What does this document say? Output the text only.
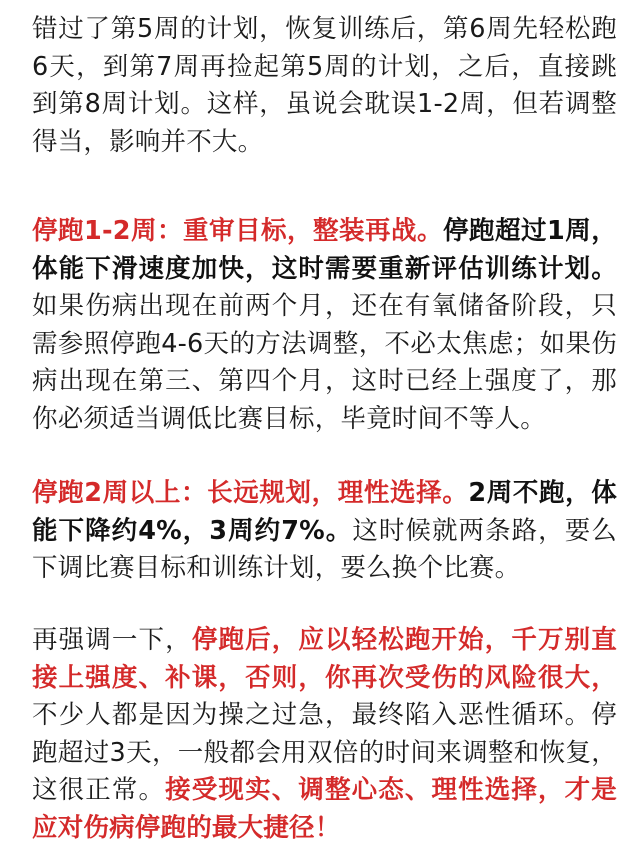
错过了第5周的计划，恢复训练后，第6周先轻松跑6天，到第7周再捡起第5周的计划，之后，直接跳到第8周计划。这样，虽说会耽误1-2周，但若调整得当，影响并不大。

停跑1-2周：重审目标，整装再战。停跑超过1周，体能下滑速度加快，这时需要重新评估训练计划。如果伤病出现在前两个月，还在有氧储备阶段，只需参照停跑4-6天的方法调整，不必太焦虑；如果伤病出现在第三、第四个月，这时已经上强度了，那你必须适当调低比赛目标，毕竟时间不等人。

停跑2周以上：长远规划，理性选择。2周不跑，体能下降约4%，3周约7%。这时候就两条路，要么下调比赛目标和训练计划，要么换个比赛。

再强调一下，停跑后，应以轻松跑开始，千万别直接上强度、补课，否则，你再次受伤的风险很大，不少人都是因为操之过急，最终陷入恶性循环。停跑超过3天，一般都会用双倍的时间来调整和恢复，这很正常。接受现实、调整心态、理性选择，才是应对伤病停跑的最大捷径！
